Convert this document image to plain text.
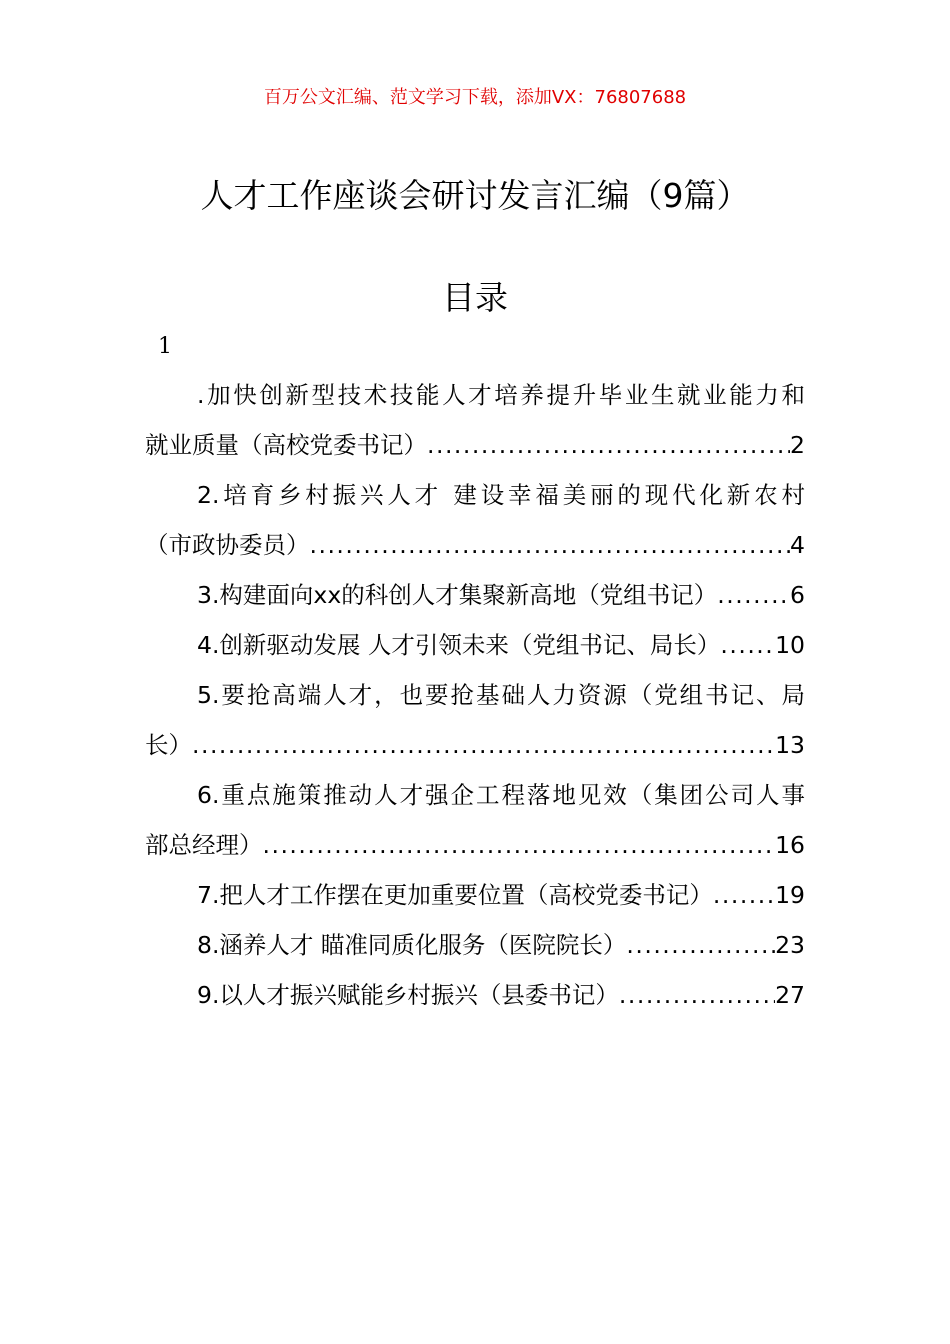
百万公文汇编、范文学习下载，添加VX：76807688
人才工作座谈会研讨发言汇编（9篇）
目录
1
.加快创新型技术技能人才培养提升毕业生就业能力和
就业质量（高校党委书记） .....	2
2.培育乡村振兴人才 建设幸福美丽的现代化新农村
（市政协委员） .....	4
3.构建面向xx的科创人才集聚新高地（党组书记） .....	6
4.创新驱动发展 人才引领未来（党组书记、局长） ..... 10
5.要抢高端人才，也要抢基础人力资源（党组书记、局
长） .....	13
6.重点施策推动人才强企工程落地见效（集团公司人事
部总经理） .....	16
7.把人才工作摆在更加重要位置（高校党委书记） .....	19
8.涵养人才 瞄准同质化服务（医院院长） .....	23
9.以人才振兴赋能乡村振兴（县委书记） .....	27
